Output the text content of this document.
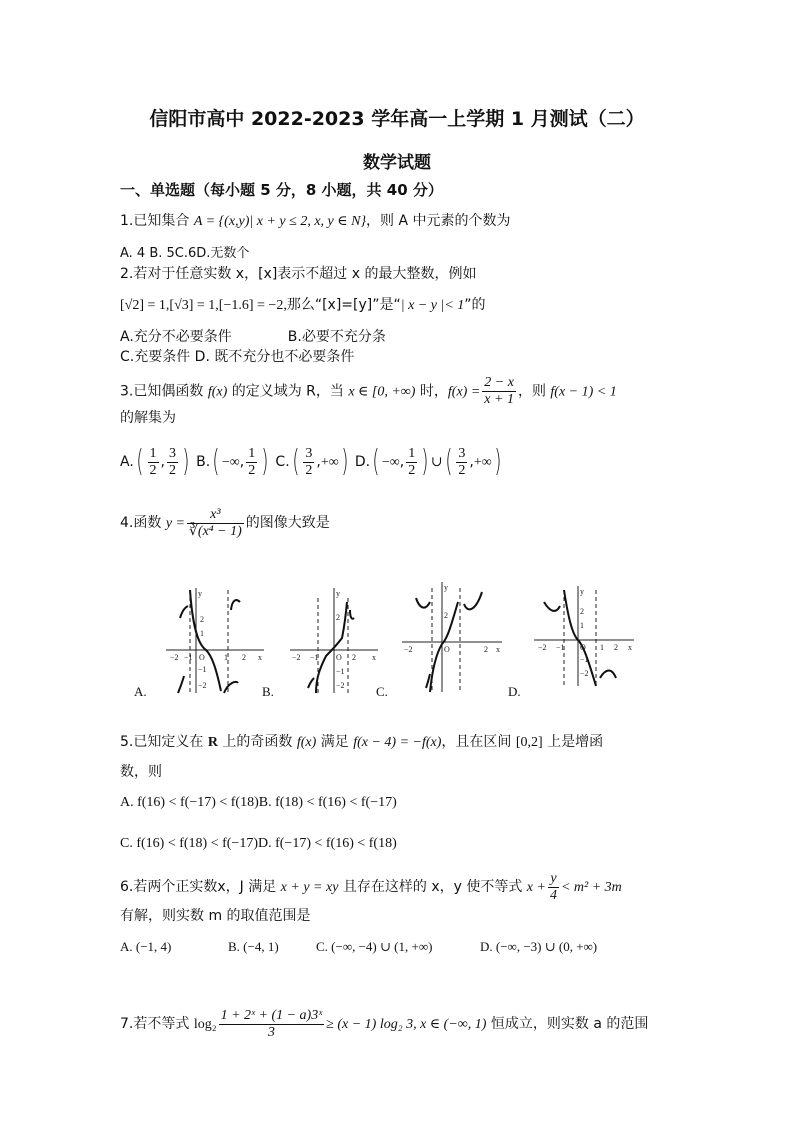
信阳市高中 2022-2023 学年高一上学期 1 月测试（二）
数学试题
一、单选题（每小题 5 分，8 小题，共 40 分）
1.已知集合 A = {(x,y)| x + y ≤ 2, x, y ∈ N}，则 A 中元素的个数为
A. 4 B. 5C.6D.无数个
2.若对于任意实数 x，[x]表示不超过 x 的最大整数，例如
[√2] = 1,[√3] = 1,[−1.6] = −2,那么“[x]=[y]”是“| x − y |< 1”的
A.充分不必要条件	B.必要不充分条
C.充要条件 D. 既不充分也不必要条件
3.已知偶函数 f(x) 的定义域为 R，当 x ∈ [0, +∞) 时，$f(x) = \frac{2 - x}{x + 1}$ ，则 f(x − 1) < 1
的解集为
$A.( \frac{1}{2}$ , $\frac{3}{2}$ ) B.( −∞, $\frac{1}{2}$ ) $C.( \frac{3}{2}$ ,+∞) D.( −∞, $\frac{1}{2}$ ) ∪( $\frac{3}{2}$ ,+∞)
4.函数 $y = \frac{\text{x³}}{\text{∛(x⁴ − 1)}}$ 的图像大致是
−2 −1 O 1 2 x
y
2
1
−1
−2
A.
−2 −1 O 2 x
y
2
−1
−2
B.
−2	O	2 x
y
2
C.
−2 −1 O 1 2 x
y
2
1
−1
−2
D.
5.已知定义在 R 上的奇函数 f(x) 满足 f(x − 4) = −f(x)，且在区间 [0,2] 上是增函
数，则
A. f(16) < f(−17) < f(18)B. f(18) < f(16) < f(−17)
C. f(16) < f(18) < f(−17)D. f(−17) < f(16) < f(18)
6.若两个正实数x，J 满足 x + y = xy 且存在这样的 x，y 使不等式 $x + \frac{y}{4} < m^2 + 3m$
有解，则实数 m 的取值范围是
A. (−1, 4)	B. (−4, 1)	C. (−∞, −4) ∪ (1, +∞)	D. (−∞, −3) ∪ (0, +∞)
7.若不等式 $\log_2 \frac{\text{1 + 2ˣ + (1 − a)3ˣ}}{3} \ge (x - 1)$ log₂ 3, x ∈ (−∞, 1) 恒成立，则实数 a 的范围
